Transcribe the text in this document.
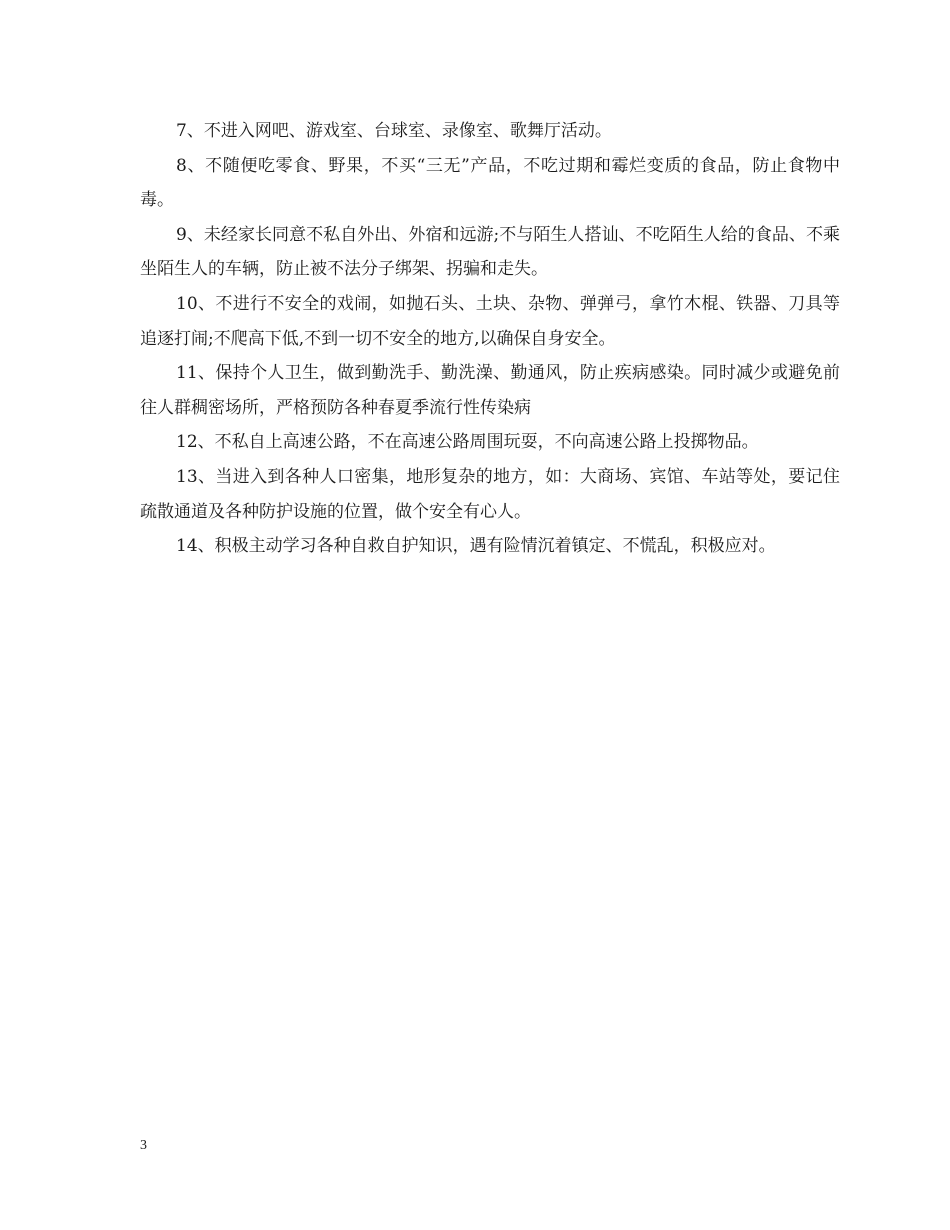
7、不进入网吧、游戏室、台球室、录像室、歌舞厅活动。

8、不随便吃零食、野果，不买“三无”产品，不吃过期和霉烂变质的食品，防止食物中毒。

9、未经家长同意不私自外出、外宿和远游;不与陌生人搭讪、不吃陌生人给的食品、不乘坐陌生人的车辆，防止被不法分子绑架、拐骗和走失。

10、不进行不安全的戏闹，如抛石头、土块、杂物、弹弹弓，拿竹木棍、铁器、刀具等追逐打闹;不爬高下低,不到一切不安全的地方,以确保自身安全。

11、保持个人卫生，做到勤洗手、勤洗澡、勤通风，防止疾病感染。同时减少或避免前往人群稠密场所，严格预防各种春夏季流行性传染病

12、不私自上高速公路，不在高速公路周围玩耍，不向高速公路上投掷物品。

13、当进入到各种人口密集，地形复杂的地方，如：大商场、宾馆、车站等处，要记住疏散通道及各种防护设施的位置，做个安全有心人。

14、积极主动学习各种自救自护知识，遇有险情沉着镇定、不慌乱，积极应对。

3
